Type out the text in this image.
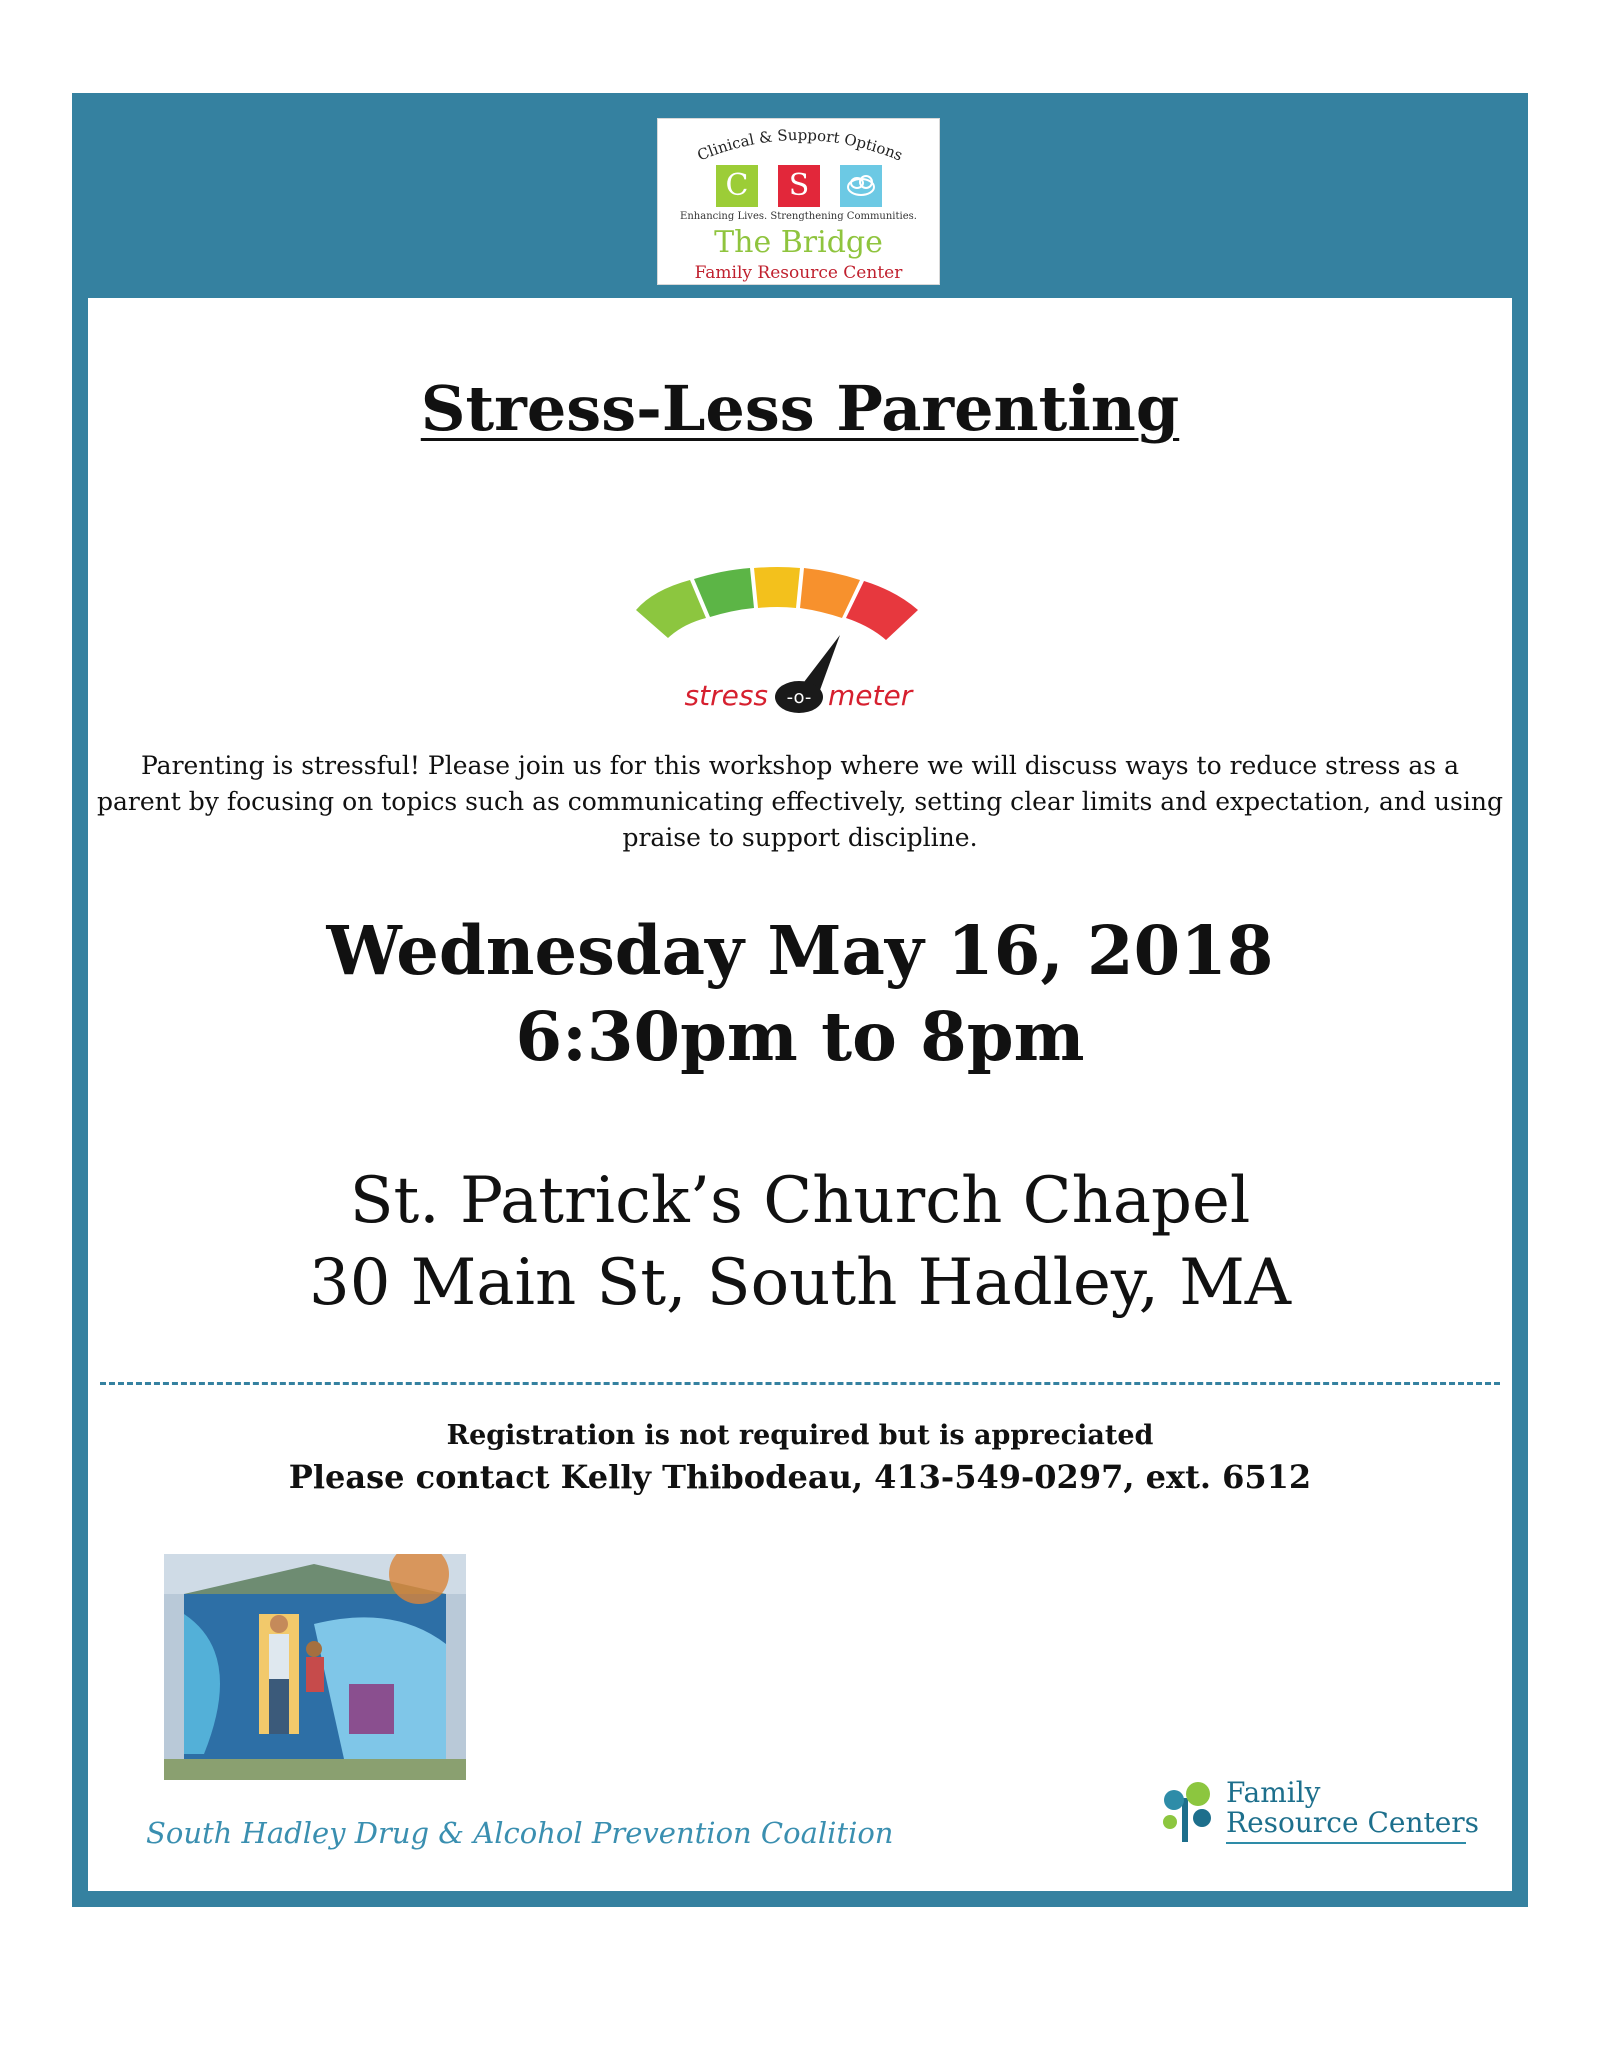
Clinical & Support Options
C	S
Enhancing Lives. Strengthening Communities.
The Bridge
Family Resource Center
Stress-Less Parenting
-o-
stress meter
Parenting is stressful! Please join us for this workshop where we will discuss ways to reduce stress as a parent by focusing on topics such as communicating effectively, setting clear limits and expectation, and using praise to support discipline.
Wednesday May 16, 2018
6:30pm to 8pm
St. Patrick’s Church Chapel
30 Main St, South Hadley, MA
Registration is not required but is appreciated
Please contact Kelly Thibodeau, 413-549-0297, ext. 6512
South Hadley Drug & Alcohol Prevention Coalition
Family
Resource Centers
